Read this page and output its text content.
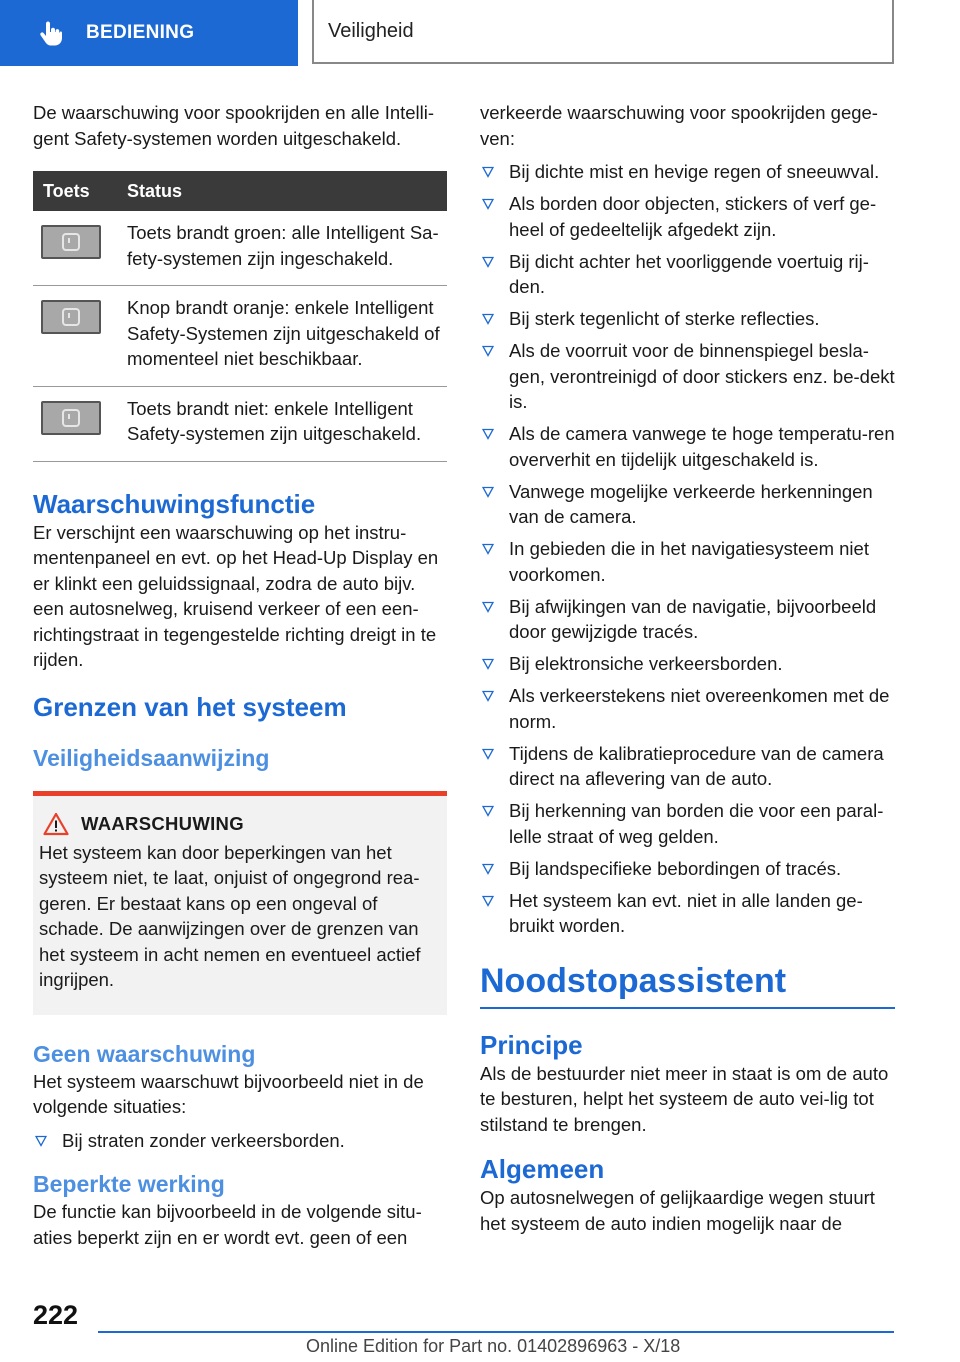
BEDIENING	Veiligheid

De waarschuwing voor spookrijden en alle Intelli-gent Safety-systemen worden uitgeschakeld.

Toets	Status

	Toets brandt groen: alle Intelligent Sa-fety-systemen zijn ingeschakeld.

	Knop brandt oranje: enkele Intelligent Safety-Systemen zijn uitgeschakeld of momenteel niet beschikbaar.

	Toets brandt niet: enkele Intelligent Safety-systemen zijn uitgeschakeld.
Waarschuwingsfunctie

Er verschijnt een waarschuwing op het instru-mentenpaneel en evt. op het Head-Up Display en er klinkt een geluidssignaal, zodra de auto bijv. een autosnelweg, kruisend verkeer of een een-richtingstraat in tegengestelde richting dreigt in te rijden.

Grenzen van het systeem
Veiligheidsaanwijzing
WAARSCHUWING

Het systeem kan door beperkingen van het systeem niet, te laat, onjuist of ongegrond rea-geren. Er bestaat kans op een ongeval of schade. De aanwijzingen over de grenzen van het systeem in acht nemen en eventueel actief ingrijpen.

Geen waarschuwing

Het systeem waarschuwt bijvoorbeeld niet in de volgende situaties:

Bij straten zonder verkeersborden.
Beperkte werking

De functie kan bijvoorbeeld in de volgende situ-aties beperkt zijn en er wordt evt. geen of een

verkeerde waarschuwing voor spookrijden gege-ven:

Bij dichte mist en hevige regen of sneeuwval.
Als borden door objecten, stickers of verf ge-heel of gedeeltelijk afgedekt zijn.
Bij dicht achter het voorliggende voertuig rij-den.
Bij sterk tegenlicht of sterke reflecties.
Als de voorruit voor de binnenspiegel besla-gen, verontreinigd of door stickers enz. be-dekt is.
Als de camera vanwege te hoge temperatu-ren oververhit en tijdelijk uitgeschakeld is.
Vanwege mogelijke verkeerde herkenningen van de camera.
In gebieden die in het navigatiesysteem niet voorkomen.
Bij afwijkingen van de navigatie, bijvoorbeeld door gewijzigde tracés.
Bij elektronsiche verkeersborden.
Als verkeerstekens niet overeenkomen met de norm.
Tijdens de kalibratieprocedure van de camera direct na aflevering van de auto.
Bij herkenning van borden die voor een paral-lelle straat of weg gelden.
Bij landspecifieke bebordingen of tracés.
Het systeem kan evt. niet in alle landen ge-bruikt worden.
Noodstopassistent
Principe

Als de bestuurder niet meer in staat is om de auto te besturen, helpt het systeem de auto vei-lig tot stilstand te brengen.

Algemeen

Op autosnelwegen of gelijkaardige wegen stuurt het systeem de auto indien mogelijk naar de

222
Online Edition for Part no. 01402896963 - X/18
